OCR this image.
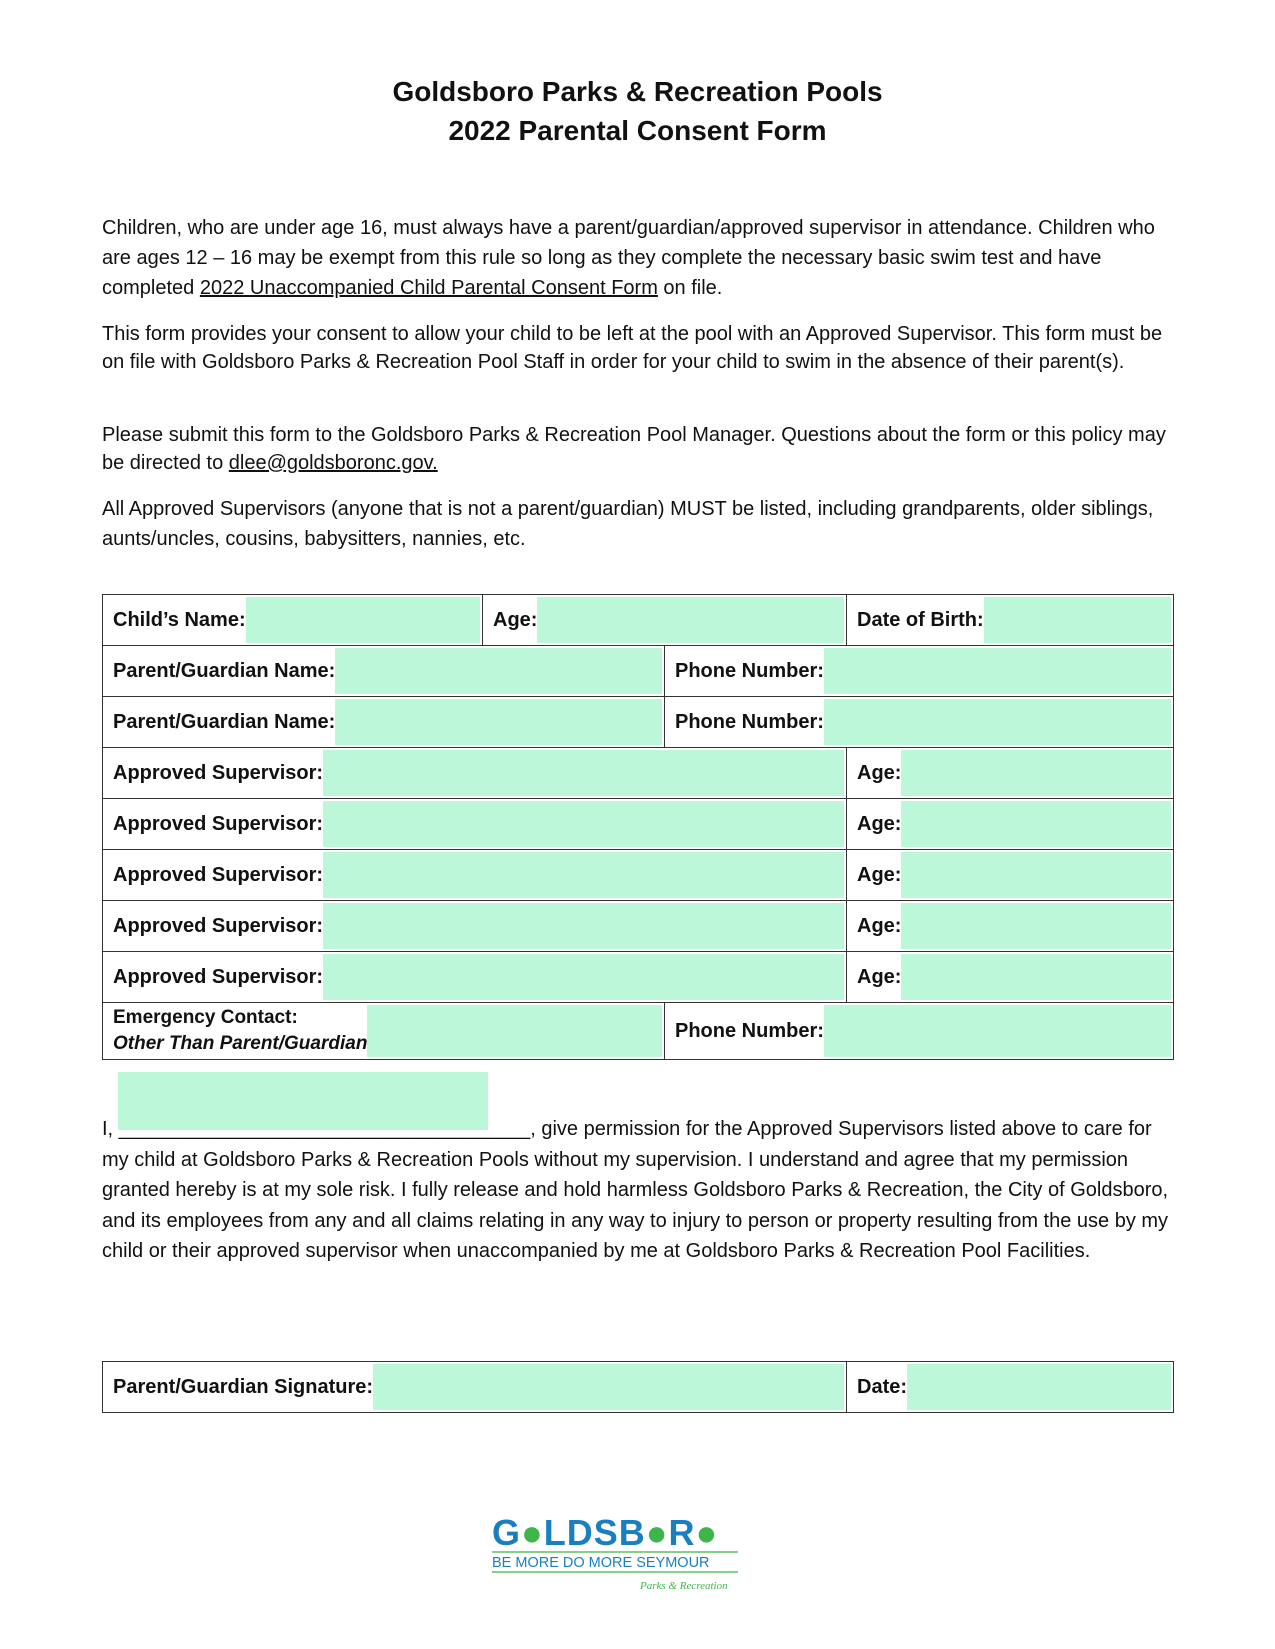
Goldsboro Parks & Recreation Pools
2022 Parental Consent Form

Children, who are under age 16, must always have a parent/guardian/approved supervisor in attendance. Children who are ages 12 – 16 may be exempt from this rule so long as they complete the necessary basic swim test and have completed 2022 Unaccompanied Child Parental Consent Form on file.

This form provides your consent to allow your child to be left at the pool with an Approved Supervisor. This form must be on file with Goldsboro Parks & Recreation Pool Staff in order for your child to swim in the absence of their parent(s).

Please submit this form to the Goldsboro Parks & Recreation Pool Manager. Questions about the form or this policy may be directed to dlee@goldsboronc.gov.

All Approved Supervisors (anyone that is not a parent/guardian) MUST be listed, including grandparents, older siblings, aunts/uncles, cousins, babysitters, nannies, etc.

Child’s Name:	Age:		Date of Birth:

Parent/Guardian Name:		Phone Number:	

Parent/Guardian Name:		Phone Number:	

Approved Supervisor:			Age:

Approved Supervisor:			Age:

Approved Supervisor:			Age:

Approved Supervisor:			Age:

Approved Supervisor:			Age:

Emergency Contact:
Other Than Parent/Guardian		Phone Number:	

I, _____________________________________, give permission for the Approved Supervisors listed above to care for my child at Goldsboro Parks & Recreation Pools without my supervision. I understand and agree that my permission granted hereby is at my sole risk. I fully release and hold harmless Goldsboro Parks & Recreation, the City of Goldsboro, and its employees from any and all claims relating in any way to injury to person or property resulting from the use by my child or their approved supervisor when unaccompanied by me at Goldsboro Parks & Recreation Pool Facilities.

Parent/Guardian Signature:	Date:
G●LDSB●R●
BE MORE DO MORE SEYMOUR
Parks & Recreation
